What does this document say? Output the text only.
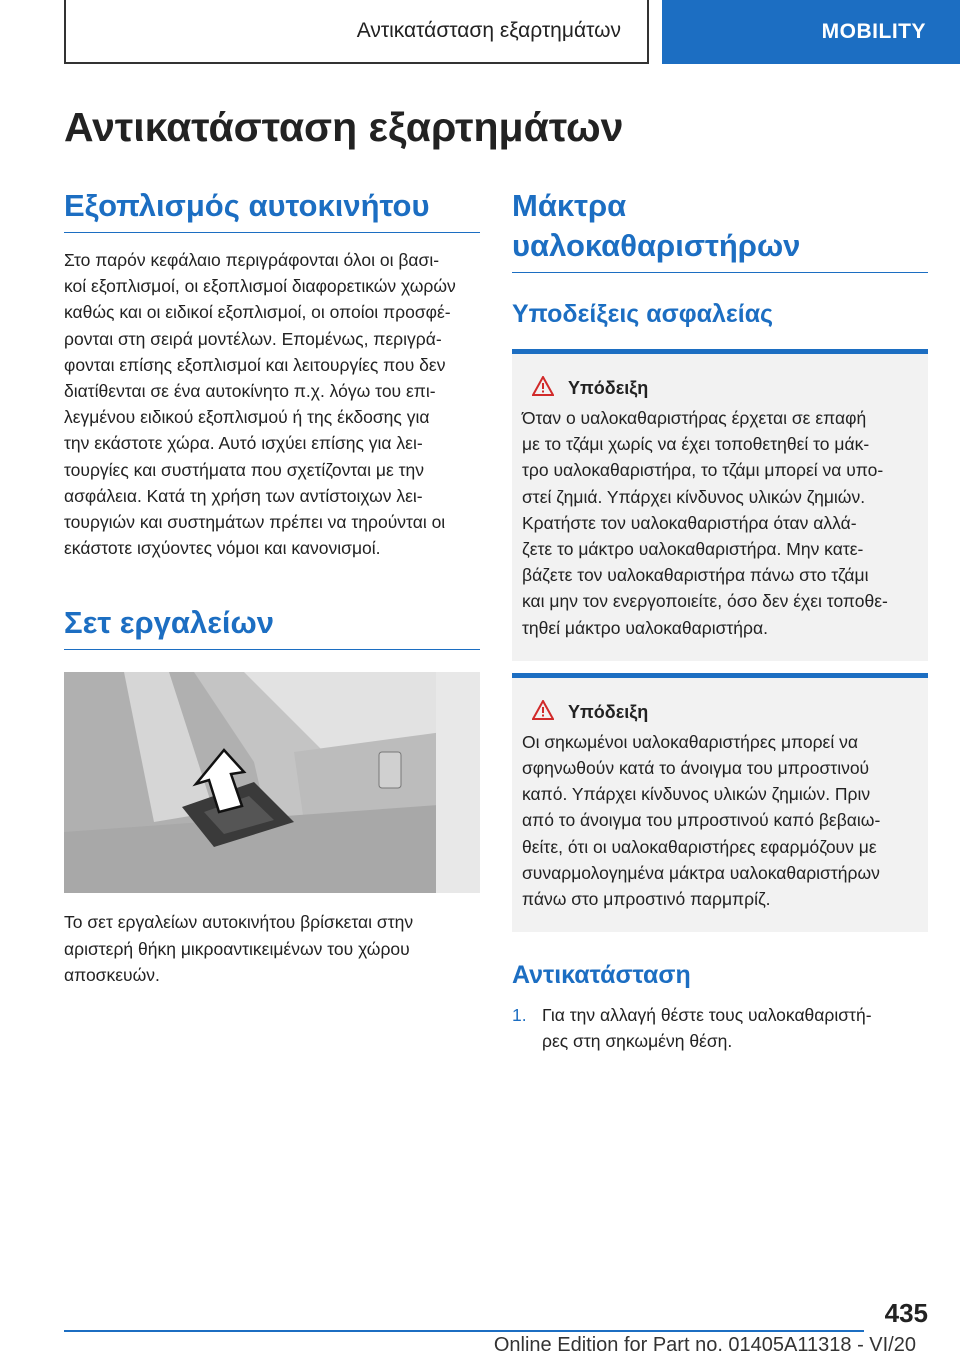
Αντικατάσταση εξαρτημάτων	MOBILITY
Αντικατάσταση εξαρτημάτων
Εξοπλισμός αυτοκινήτου

Στο παρόν κεφάλαιο περιγράφονται όλοι οι βασι-
κοί εξοπλισμοί, οι εξοπλισμοί διαφορετικών χωρών
καθώς και οι ειδικοί εξοπλισμοί, οι οποίοι προσφέ-
ρονται στη σειρά μοντέλων. Επομένως, περιγρά-
φονται επίσης εξοπλισμοί και λειτουργίες που δεν
διατίθενται σε ένα αυτοκίνητο π.χ. λόγω του επι-
λεγμένου ειδικού εξοπλισμού ή της έκδοσης για
την εκάστοτε χώρα. Αυτό ισχύει επίσης για λει-
τουργίες και συστήματα που σχετίζονται με την
ασφάλεια. Κατά τη χρήση των αντίστοιχων λει-
τουργιών και συστημάτων πρέπει να τηρούνται οι
εκάστοτε ισχύοντες νόμοι και κανονισμοί.

Σετ εργαλείων

Το σετ εργαλείων αυτοκινήτου βρίσκεται στην
αριστερή θήκη μικροαντικειμένων του χώρου
αποσκευών.

Μάκτρα
υαλοκαθαριστήρων
Υποδείξεις ασφαλείας
Υπόδειξη

Όταν ο υαλοκαθαριστήρας έρχεται σε επαφή
με το τζάμι χωρίς να έχει τοποθετηθεί το μάκ-
τρο υαλοκαθαριστήρα, το τζάμι μπορεί να υπο-
στεί ζημιά. Υπάρχει κίνδυνος υλικών ζημιών.
Κρατήστε τον υαλοκαθαριστήρα όταν αλλά-
ζετε το μάκτρο υαλοκαθαριστήρα. Μην κατε-
βάζετε τον υαλοκαθαριστήρα πάνω στο τζάμι
και μην τον ενεργοποιείτε, όσο δεν έχει τοποθε-
τηθεί μάκτρο υαλοκαθαριστήρα.

Υπόδειξη

Οι σηκωμένοι υαλοκαθαριστήρες μπορεί να
σφηνωθούν κατά το άνοιγμα του μπροστινού
καπό. Υπάρχει κίνδυνος υλικών ζημιών. Πριν
από το άνοιγμα του μπροστινού καπό βεβαιω-
θείτε, ότι οι υαλοκαθαριστήρες εφαρμόζουν με
συναρμολογημένα μάκτρα υαλοκαθαριστήρων
πάνω στο μπροστινό παρμπρίζ.

Αντικατάσταση
1. Για την αλλαγή θέστε τους υαλοκαθαριστή-
ρες στη σηκωμένη θέση.

435
Online Edition for Part no. 01405A11318 - VI/20
